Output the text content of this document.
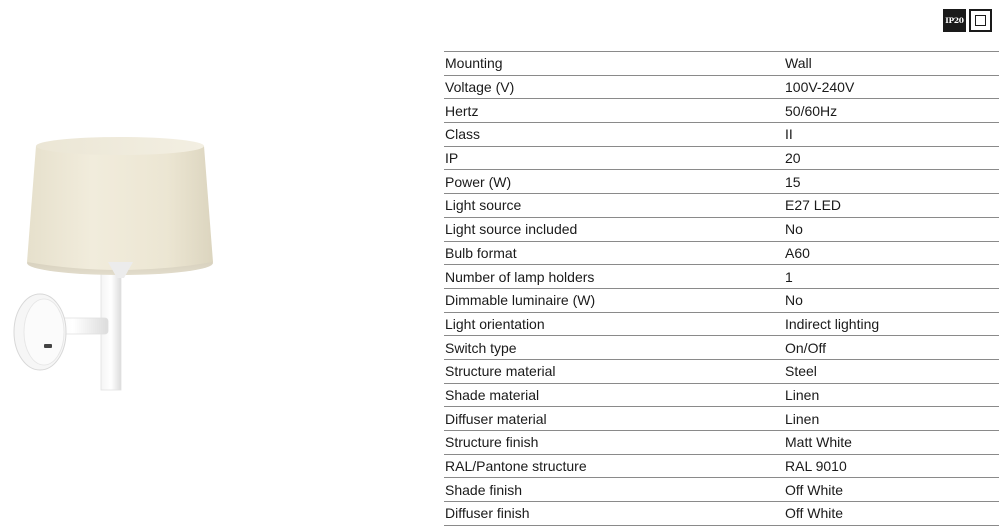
IP20
Mounting	Wall
Voltage (V)	100V-240V
Hertz	50/60Hz
Class	II
IP	20
Power (W)	15
Light source	E27 LED
Light source included	No
Bulb format	A60
Number of lamp holders	1
Dimmable luminaire (W)	No
Light orientation	Indirect lighting
Switch type	On/Off
Structure material	Steel
Shade material	Linen
Diffuser material	Linen
Structure finish	Matt White
RAL/Pantone structure	RAL 9010
Shade finish	Off White
Diffuser finish	Off White
